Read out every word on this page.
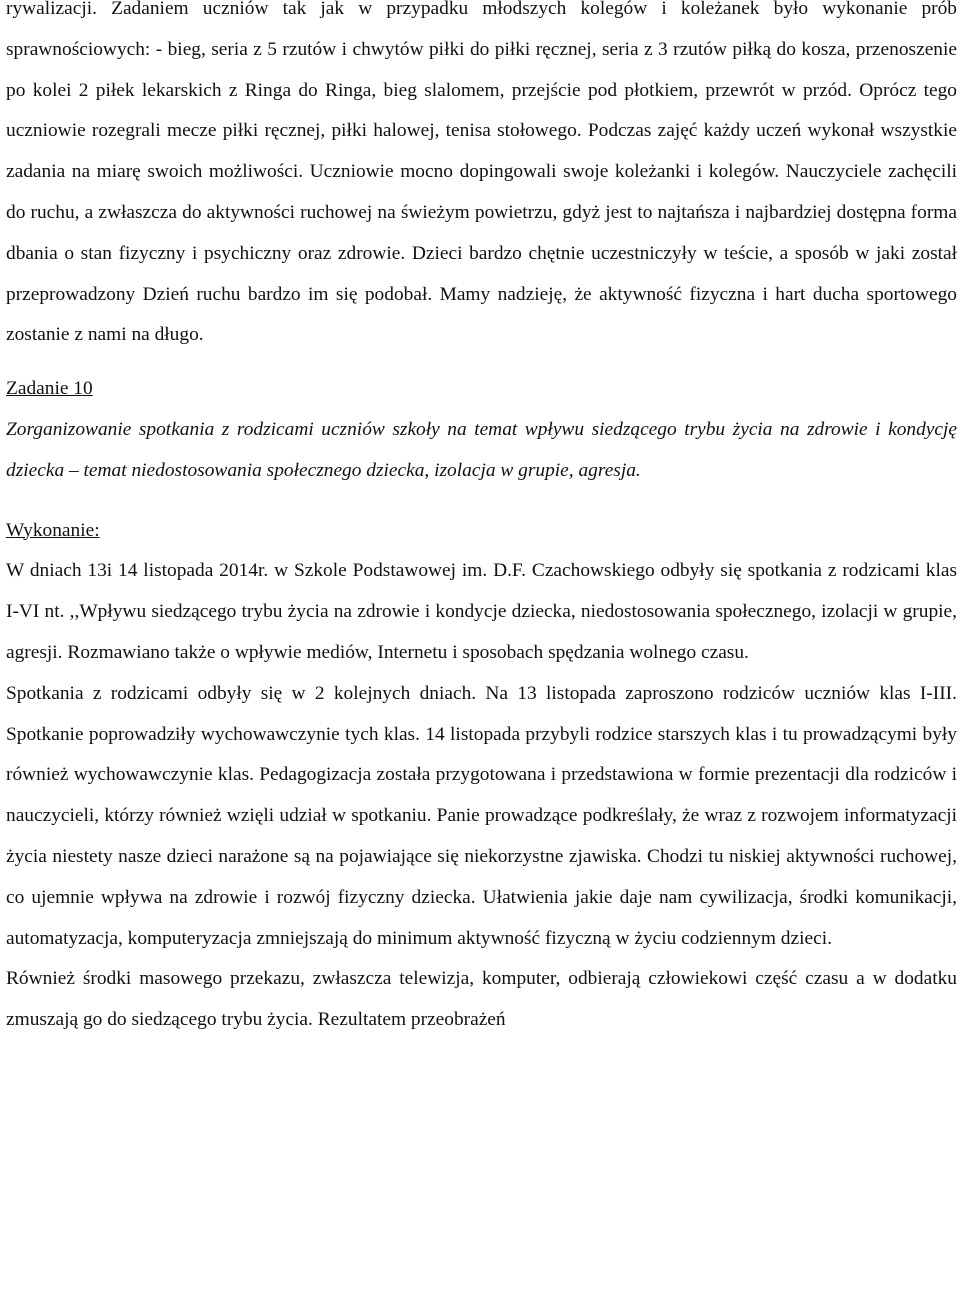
rywalizacji. Zadaniem uczniów tak jak w przypadku młodszych kolegów i koleżanek było wykonanie prób sprawnościowych: - bieg, seria z 5 rzutów i chwytów piłki do piłki ręcznej, seria z 3 rzutów piłką do kosza, przenoszenie po kolei 2 piłek lekarskich z Ringa do Ringa, bieg slalomem, przejście pod płotkiem, przewrót w przód. Oprócz tego uczniowie rozegrali mecze piłki ręcznej, piłki halowej, tenisa stołowego. Podczas zajęć każdy uczeń wykonał wszystkie zadania na miarę swoich możliwości. Uczniowie mocno dopingowali swoje koleżanki i kolegów. Nauczyciele zachęcili do ruchu, a zwłaszcza do aktywności ruchowej na świeżym powietrzu, gdyż jest to najtańsza i najbardziej dostępna forma dbania o stan fizyczny i psychiczny oraz zdrowie. Dzieci bardzo chętnie uczestniczyły w teście, a sposób w jaki został przeprowadzony Dzień ruchu bardzo im się podobał. Mamy nadzieję, że aktywność fizyczna i hart ducha sportowego zostanie z nami na długo.

Zadanie 10

Zorganizowanie spotkania z rodzicami uczniów szkoły na temat wpływu siedzącego trybu życia na zdrowie i kondycję dziecka – temat niedostosowania społecznego dziecka, izolacja w grupie, agresja.

Wykonanie:

W dniach 13i 14 listopada 2014r. w Szkole Podstawowej im. D.F. Czachowskiego odbyły się spotkania z rodzicami klas I-VI nt. ,,Wpływu siedzącego trybu życia na zdrowie i kondycje dziecka, niedostosowania społecznego, izolacji w grupie, agresji. Rozmawiano także o wpływie mediów, Internetu i sposobach spędzania wolnego czasu.

Spotkania z rodzicami odbyły się w 2 kolejnych dniach. Na 13 listopada zaproszono rodziców uczniów klas I-III. Spotkanie poprowadziły wychowawczynie tych klas. 14 listopada przybyli rodzice starszych klas i tu prowadzącymi były również wychowawczynie klas. Pedagogizacja została przygotowana i przedstawiona w formie prezentacji dla rodziców i nauczycieli, którzy również wzięli udział w spotkaniu. Panie prowadzące podkreślały, że wraz z rozwojem informatyzacji życia niestety nasze dzieci narażone są na pojawiające się niekorzystne zjawiska. Chodzi tu niskiej aktywności ruchowej, co ujemnie wpływa na zdrowie i rozwój fizyczny dziecka. Ułatwienia jakie daje nam cywilizacja, środki komunikacji, automatyzacja, komputeryzacja zmniejszają do minimum aktywność fizyczną w życiu codziennym dzieci.

Również środki masowego przekazu, zwłaszcza telewizja, komputer, odbierają człowiekowi część czasu a w dodatku zmuszają go do siedzącego trybu życia. Rezultatem przeobrażeń
